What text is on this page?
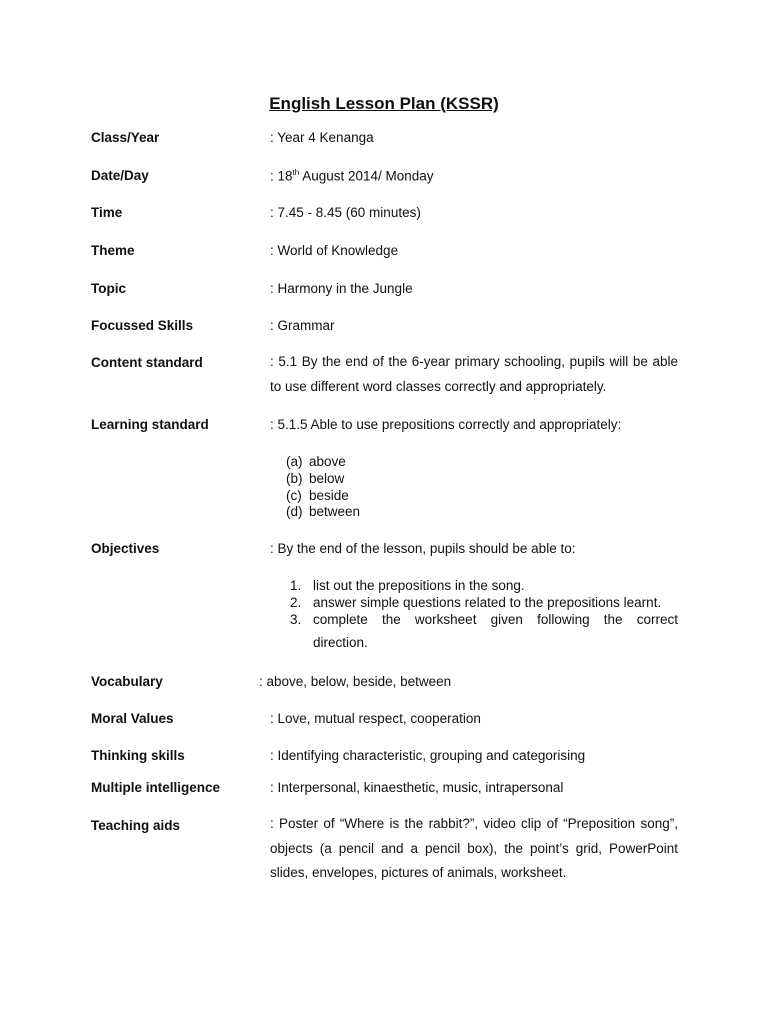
English Lesson Plan (KSSR)
Class/Year	: Year 4 Kenanga
Date/Day	: 18th August 2014/ Monday
Time	: 7.45 - 8.45 (60 minutes)
Theme	: World of Knowledge
Topic	: Harmony in the Jungle
Focussed Skills	: Grammar
Content standard	: 5.1 By the end of the 6-year primary schooling, pupils will be able to use different word classes correctly and appropriately.
Learning standard	: 5.1.5 Able to use prepositions correctly and appropriately:
(a) above
(b) below
(c) beside
(d) between
Objectives	: By the end of the lesson, pupils should be able to:
1. list out the prepositions in the song.
2. answer simple questions related to the prepositions learnt.
3. complete the worksheet given following the correct
direction.
Vocabulary	: above, below, beside, between
Moral Values	: Love, mutual respect, cooperation
Thinking skills	: Identifying characteristic, grouping and categorising
Multiple intelligence	: Interpersonal, kinaesthetic, music, intrapersonal
Teaching aids	: Poster of “Where is the rabbit?”, video clip of “Preposition song”, objects (a pencil and a pencil box), the point’s grid, PowerPoint slides, envelopes, pictures of animals, worksheet.
